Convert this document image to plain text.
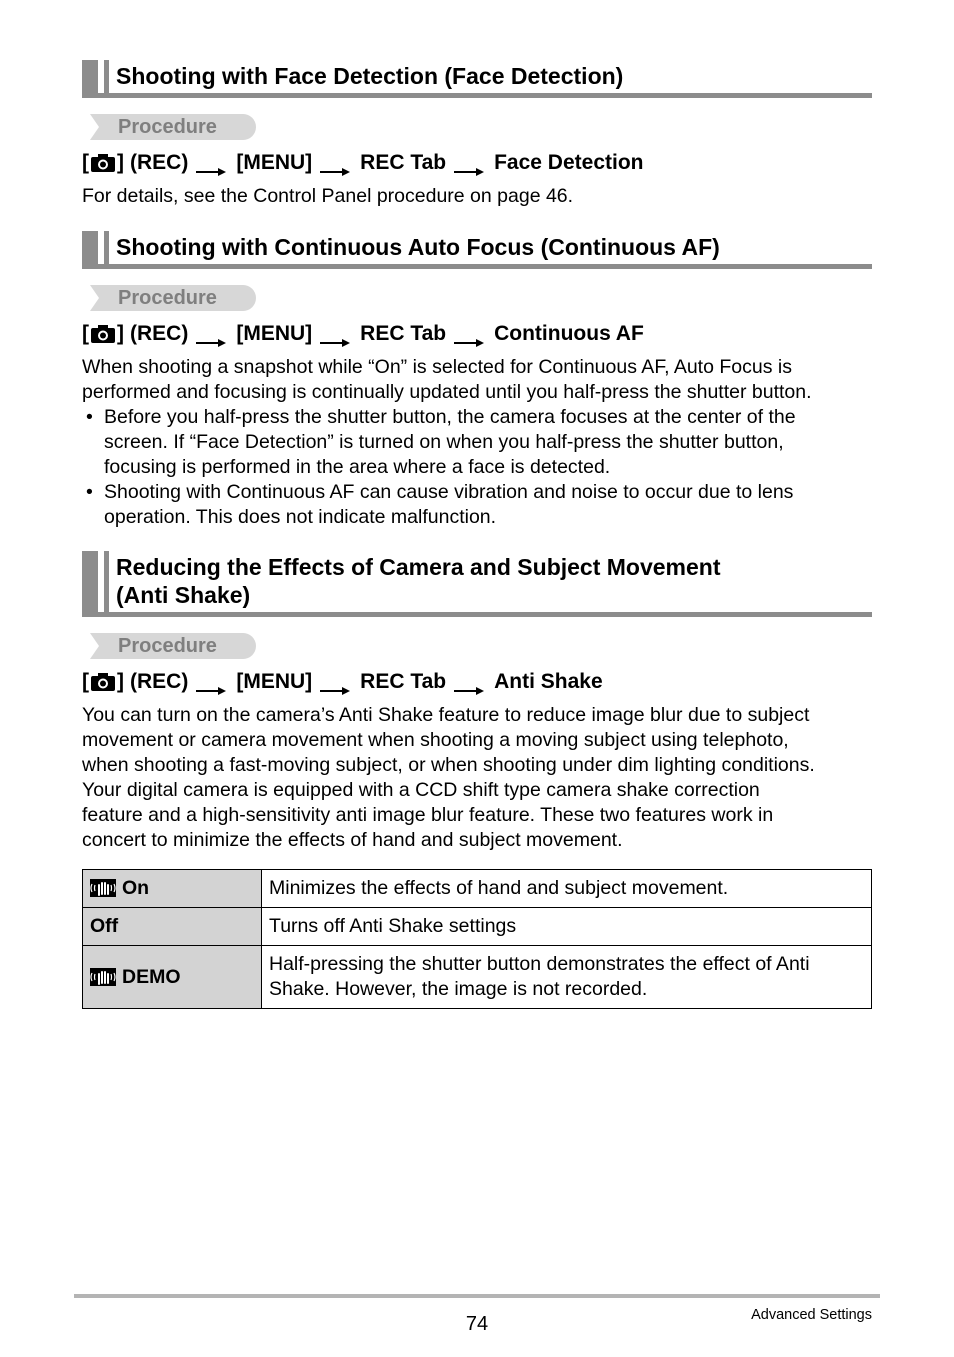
Shooting with Face Detection (Face Detection)
Procedure
[ ] (REC) [MENU] REC Tab Face Detection
For details, see the Control Panel procedure on page 46.
Shooting with Continuous Auto Focus (Continuous AF)
Procedure
[ ] (REC) [MENU] REC Tab Continuous AF
When shooting a snapshot while “On” is selected for Continuous AF, Auto Focus is
performed and focusing is continually updated until you half-press the shutter button.
• Before you half-press the shutter button, the camera focuses at the center of the
screen. If “Face Detection” is turned on when you half-press the shutter button,
focusing is performed in the area where a face is detected.
• Shooting with Continuous AF can cause vibration and noise to occur due to lens
operation. This does not indicate malfunction.
Reducing the Effects of Camera and Subject Movement
(Anti Shake)
Procedure
[ ] (REC) [MENU] REC Tab Anti Shake
You can turn on the camera’s Anti Shake feature to reduce image blur due to subject
movement or camera movement when shooting a moving subject using telephoto,
when shooting a fast-moving subject, or when shooting under dim lighting conditions.
Your digital camera is equipped with a CCD shift type camera shake correction
feature and a high-sensitivity anti image blur feature. These two features work in
concert to minimize the effects of hand and subject movement.
On	Minimizes the effects of hand and subject movement.
Off	Turns off Anti Shake settings
DEMO	Half-pressing the shutter button demonstrates the effect of Anti Shake. However, the image is not recorded.
74	Advanced Settings
